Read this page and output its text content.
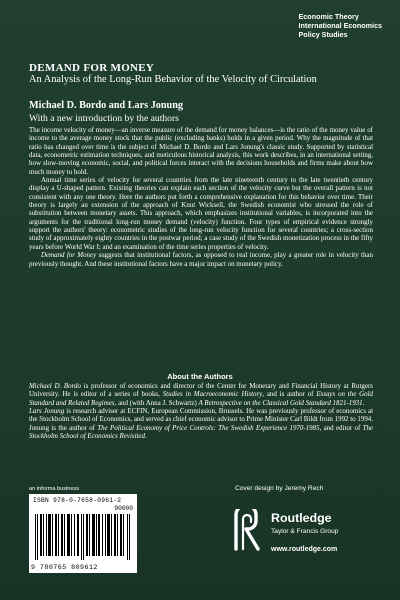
Economic Theory
International Economics
Policy Studies
DEMAND FOR MONEY
An Analysis of the Long-Run Behavior of the Velocity of Circulation
Michael D. Bordo and Lars Jonung
With a new introduction by the authors

The income velocity of money—an inverse measure of the demand for money balances—is the ratio of the money value of income to the average money stock that the public (excluding banks) holds in a given period. Why the magnitude of that ratio has changed over time is the subject of Michael D. Bordo and Lars Jonung's classic study. Supported by statistical data, econometric estimation techniques, and meticulous historical analysis, this work describes, in an international setting, how slow-moving economic, social, and political forces interact with the decisions households and firms make about how much money to hold.

Annual time series of velocity for several countries from the late nineteenth century to the late twentieth century display a U-shaped pattern. Existing theories can explain each section of the velocity curve but the overall pattern is not consistent with any one theory. Here the authors put forth a comprehensive explanation for this behavior over time. Their theory is largely an extension of the approach of Knut Wicksell, the Swedish economist who stressed the role of substitution between monetary assets. This approach, which emphasizes institutional variables, is incorporated into the arguments for the traditional long-run money demand (velocity) function. Four types of empirical evidence strongly support the authors' theory: econometric studies of the long-run velocity function for several countries; a cross-section study of approximately eighty countries in the postwar period; a case study of the Swedish monetization process in the fifty years before World War I; and an examination of the time series properties of velocity.

Demand for Money suggests that institutional factors, as opposed to real income, play a greater role in velocity than previously thought. And these institutional factors have a major impact on monetary policy.

About the Authors

Michael D. Bordo is professor of economics and director of the Center for Monetary and Financial History at Rutgers University. He is editor of a series of books, Studies in Macroeconomic History, and is author of Essays on the Gold Standard and Related Regimes, and (with Anna J. Schwartz) A Retrospective on the Classical Gold Standard 1821-1931.

Lars Jonung is research adviser at ECFIN, European Commission, Brussels. He was previously professor of economics at the Stockholm School of Economics, and served as chief economic advisor to Prime Minister Carl Bildt from 1992 to 1994. Jonung is the author of The Political Economy of Price Controls: The Swedish Experience 1970-1985, and editor of The Stockholm School of Economics Revisited.

an informa business
ISBN 978-0-7658-0961-2
90000
9 780765 809612
Cover design by Jeremy Rech
Routledge
Taylor & Francis Group
www.routledge.com
